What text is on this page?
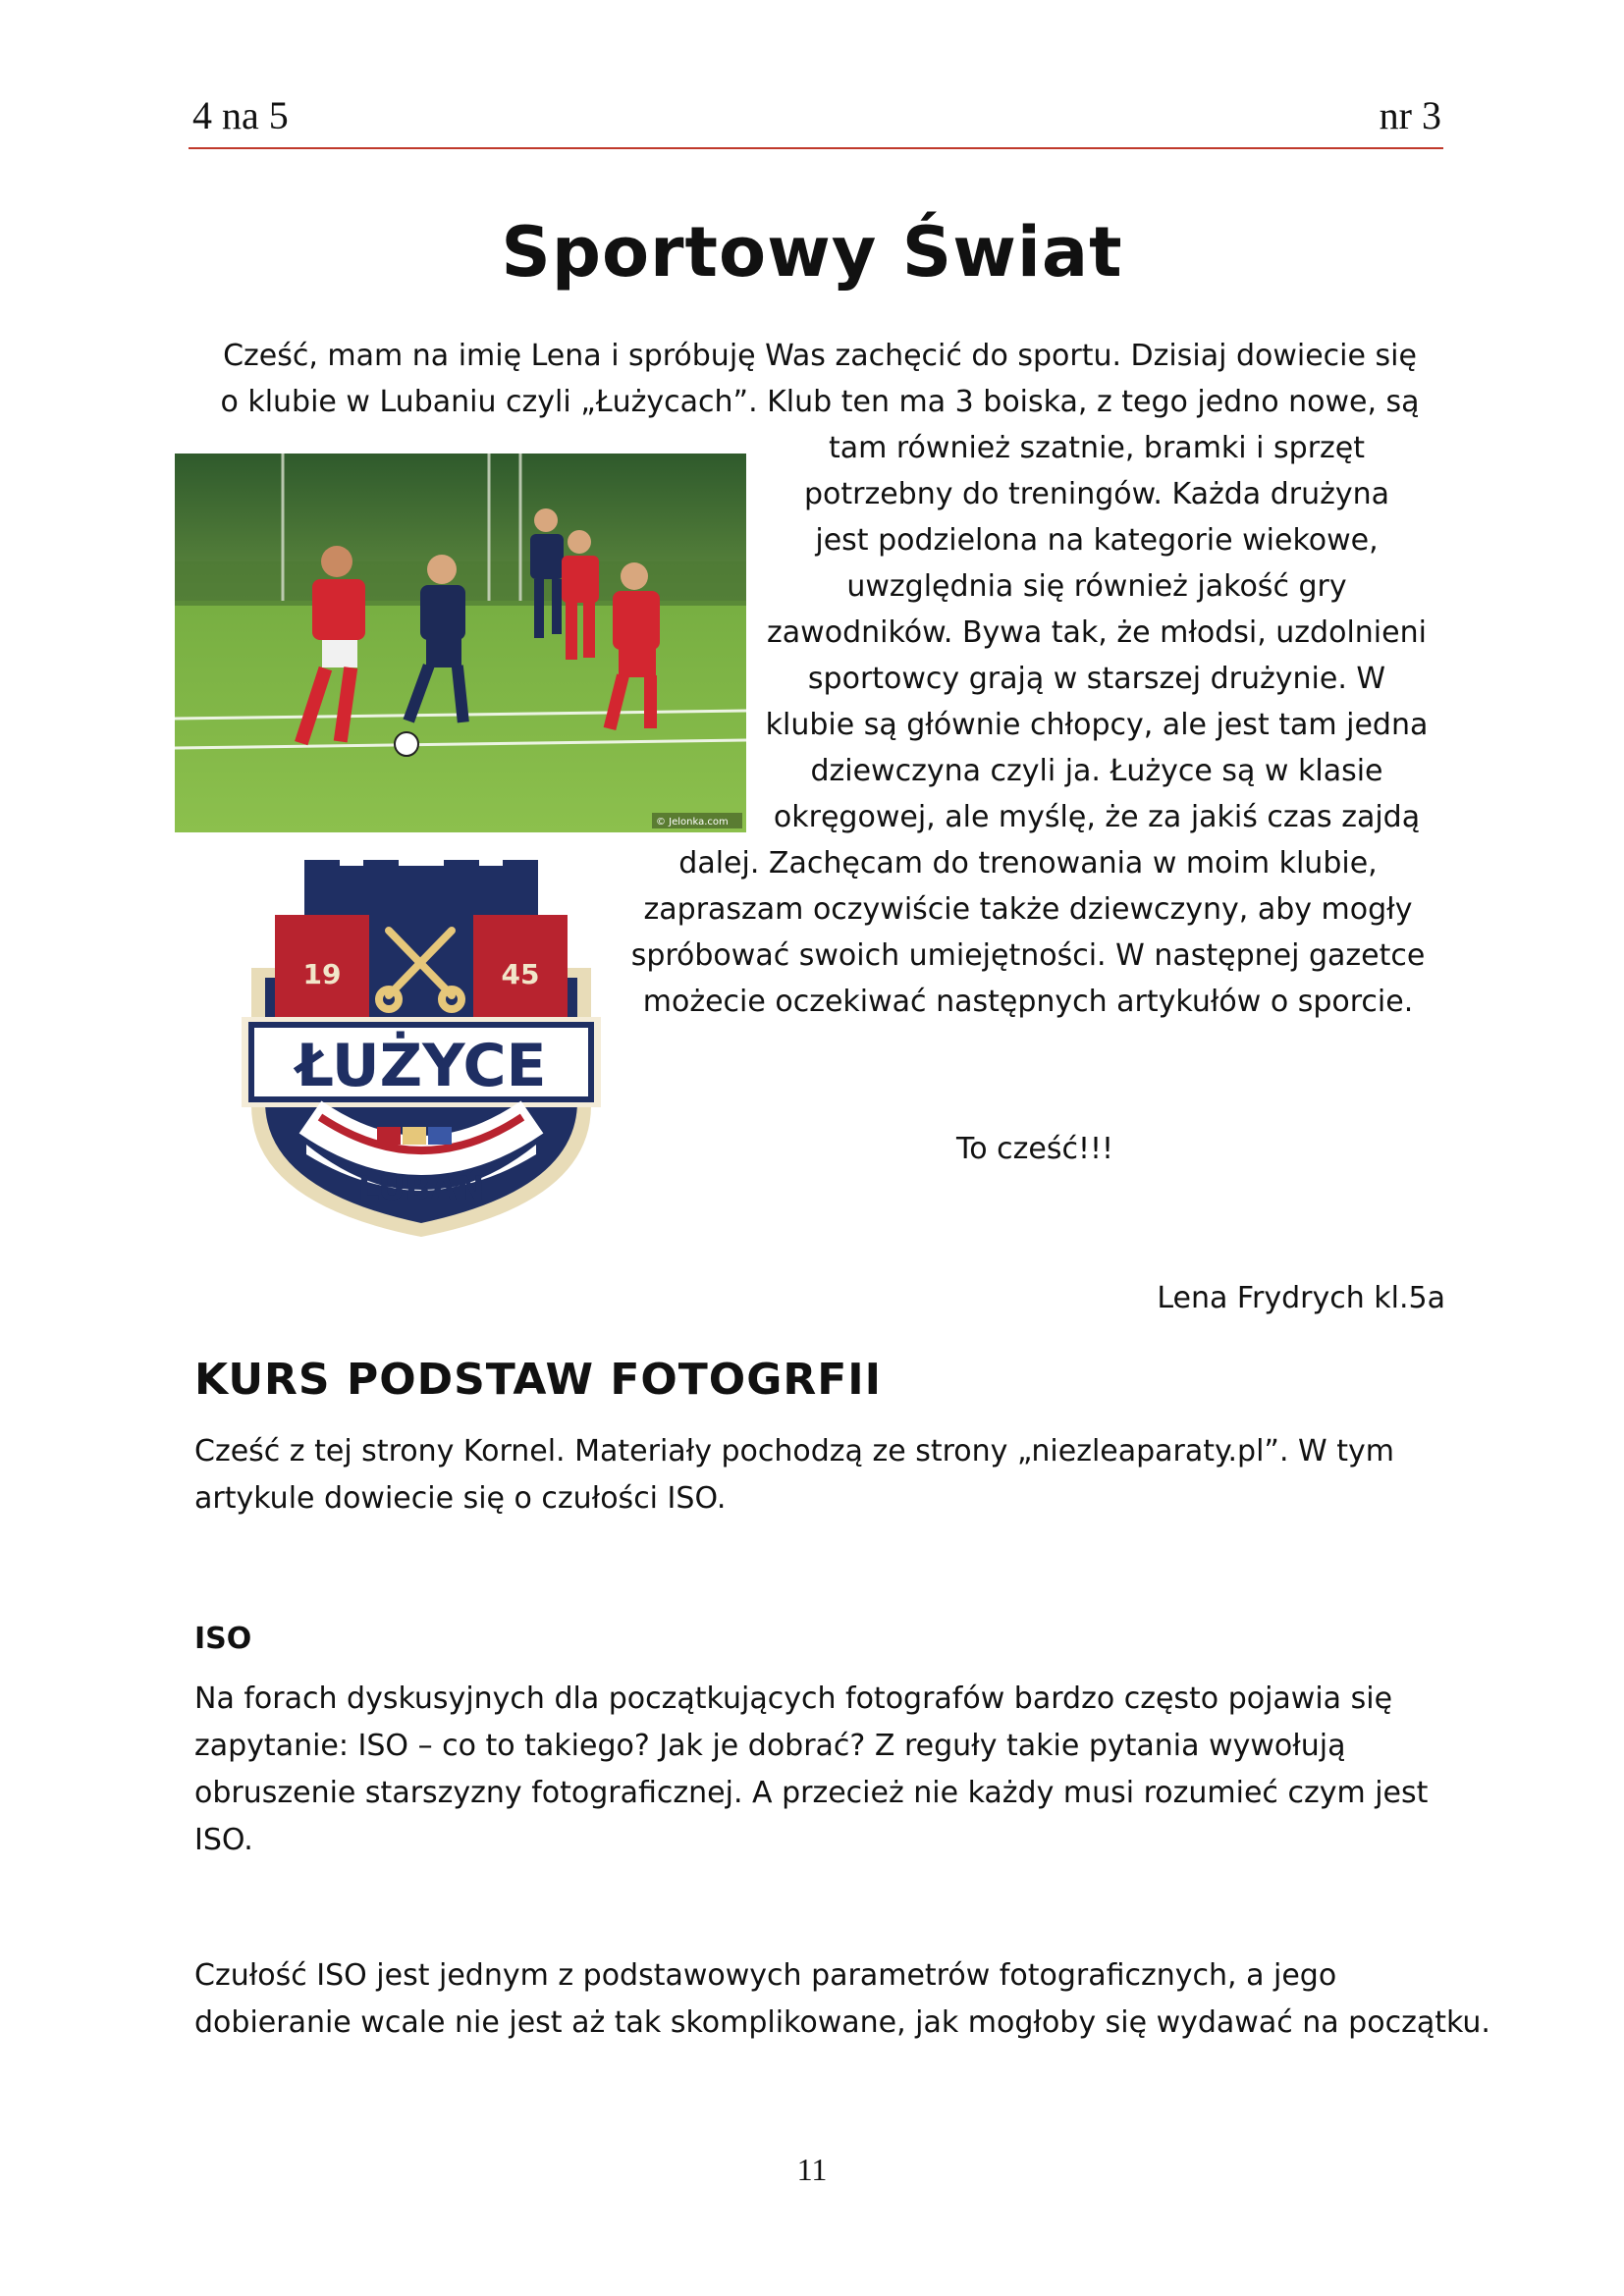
4 na 5	nr 3
Sportowy Świat
Cześć, mam na imię Lena i spróbuję Was zachęcić do sportu. Dzisiaj dowiecie się
o klubie w Lubaniu czyli „Łużycach”. Klub ten ma 3 boiska, z tego jedno nowe, są
tam również szatnie, bramki i sprzęt
potrzebny do treningów. Każda drużyna
jest podzielona na kategorie wiekowe,
uwzględnia się również jakość gry
zawodników. Bywa tak, że młodsi, uzdolnieni
sportowcy grają w starszej drużynie. W
klubie są głównie chłopcy, ale jest tam jedna
dziewczyna czyli ja. Łużyce są w klasie
okręgowej, ale myślę, że za jakiś czas zajdą
dalej. Zachęcam do trenowania w moim klubie,
zapraszam oczywiście także dziewczyny, aby mogły
spróbować swoich umiejętności. W następnej gazetce
możecie oczekiwać następnych artykułów o sporcie.
To cześć!!!
Lena Frydrych kl.5a
© Jelonka.com
19	45
ŁUŻYCE
LUBAŃ
KURS PODSTAW FOTOGRFII
Cześć z tej strony Kornel. Materiały pochodzą ze strony „niezleaparaty.pl”. W tym
artykule dowiecie się o czułości ISO.
ISO
Na forach dyskusyjnych dla początkujących fotografów bardzo często pojawia się
zapytanie: ISO – co to takiego? Jak je dobrać? Z reguły takie pytania wywołują
obruszenie starszyzny fotograficznej. A przecież nie każdy musi rozumieć czym jest
ISO.
Czułość ISO jest jednym z podstawowych parametrów fotograficznych, a jego
dobieranie wcale nie jest aż tak skomplikowane, jak mogłoby się wydawać na początku.
11
